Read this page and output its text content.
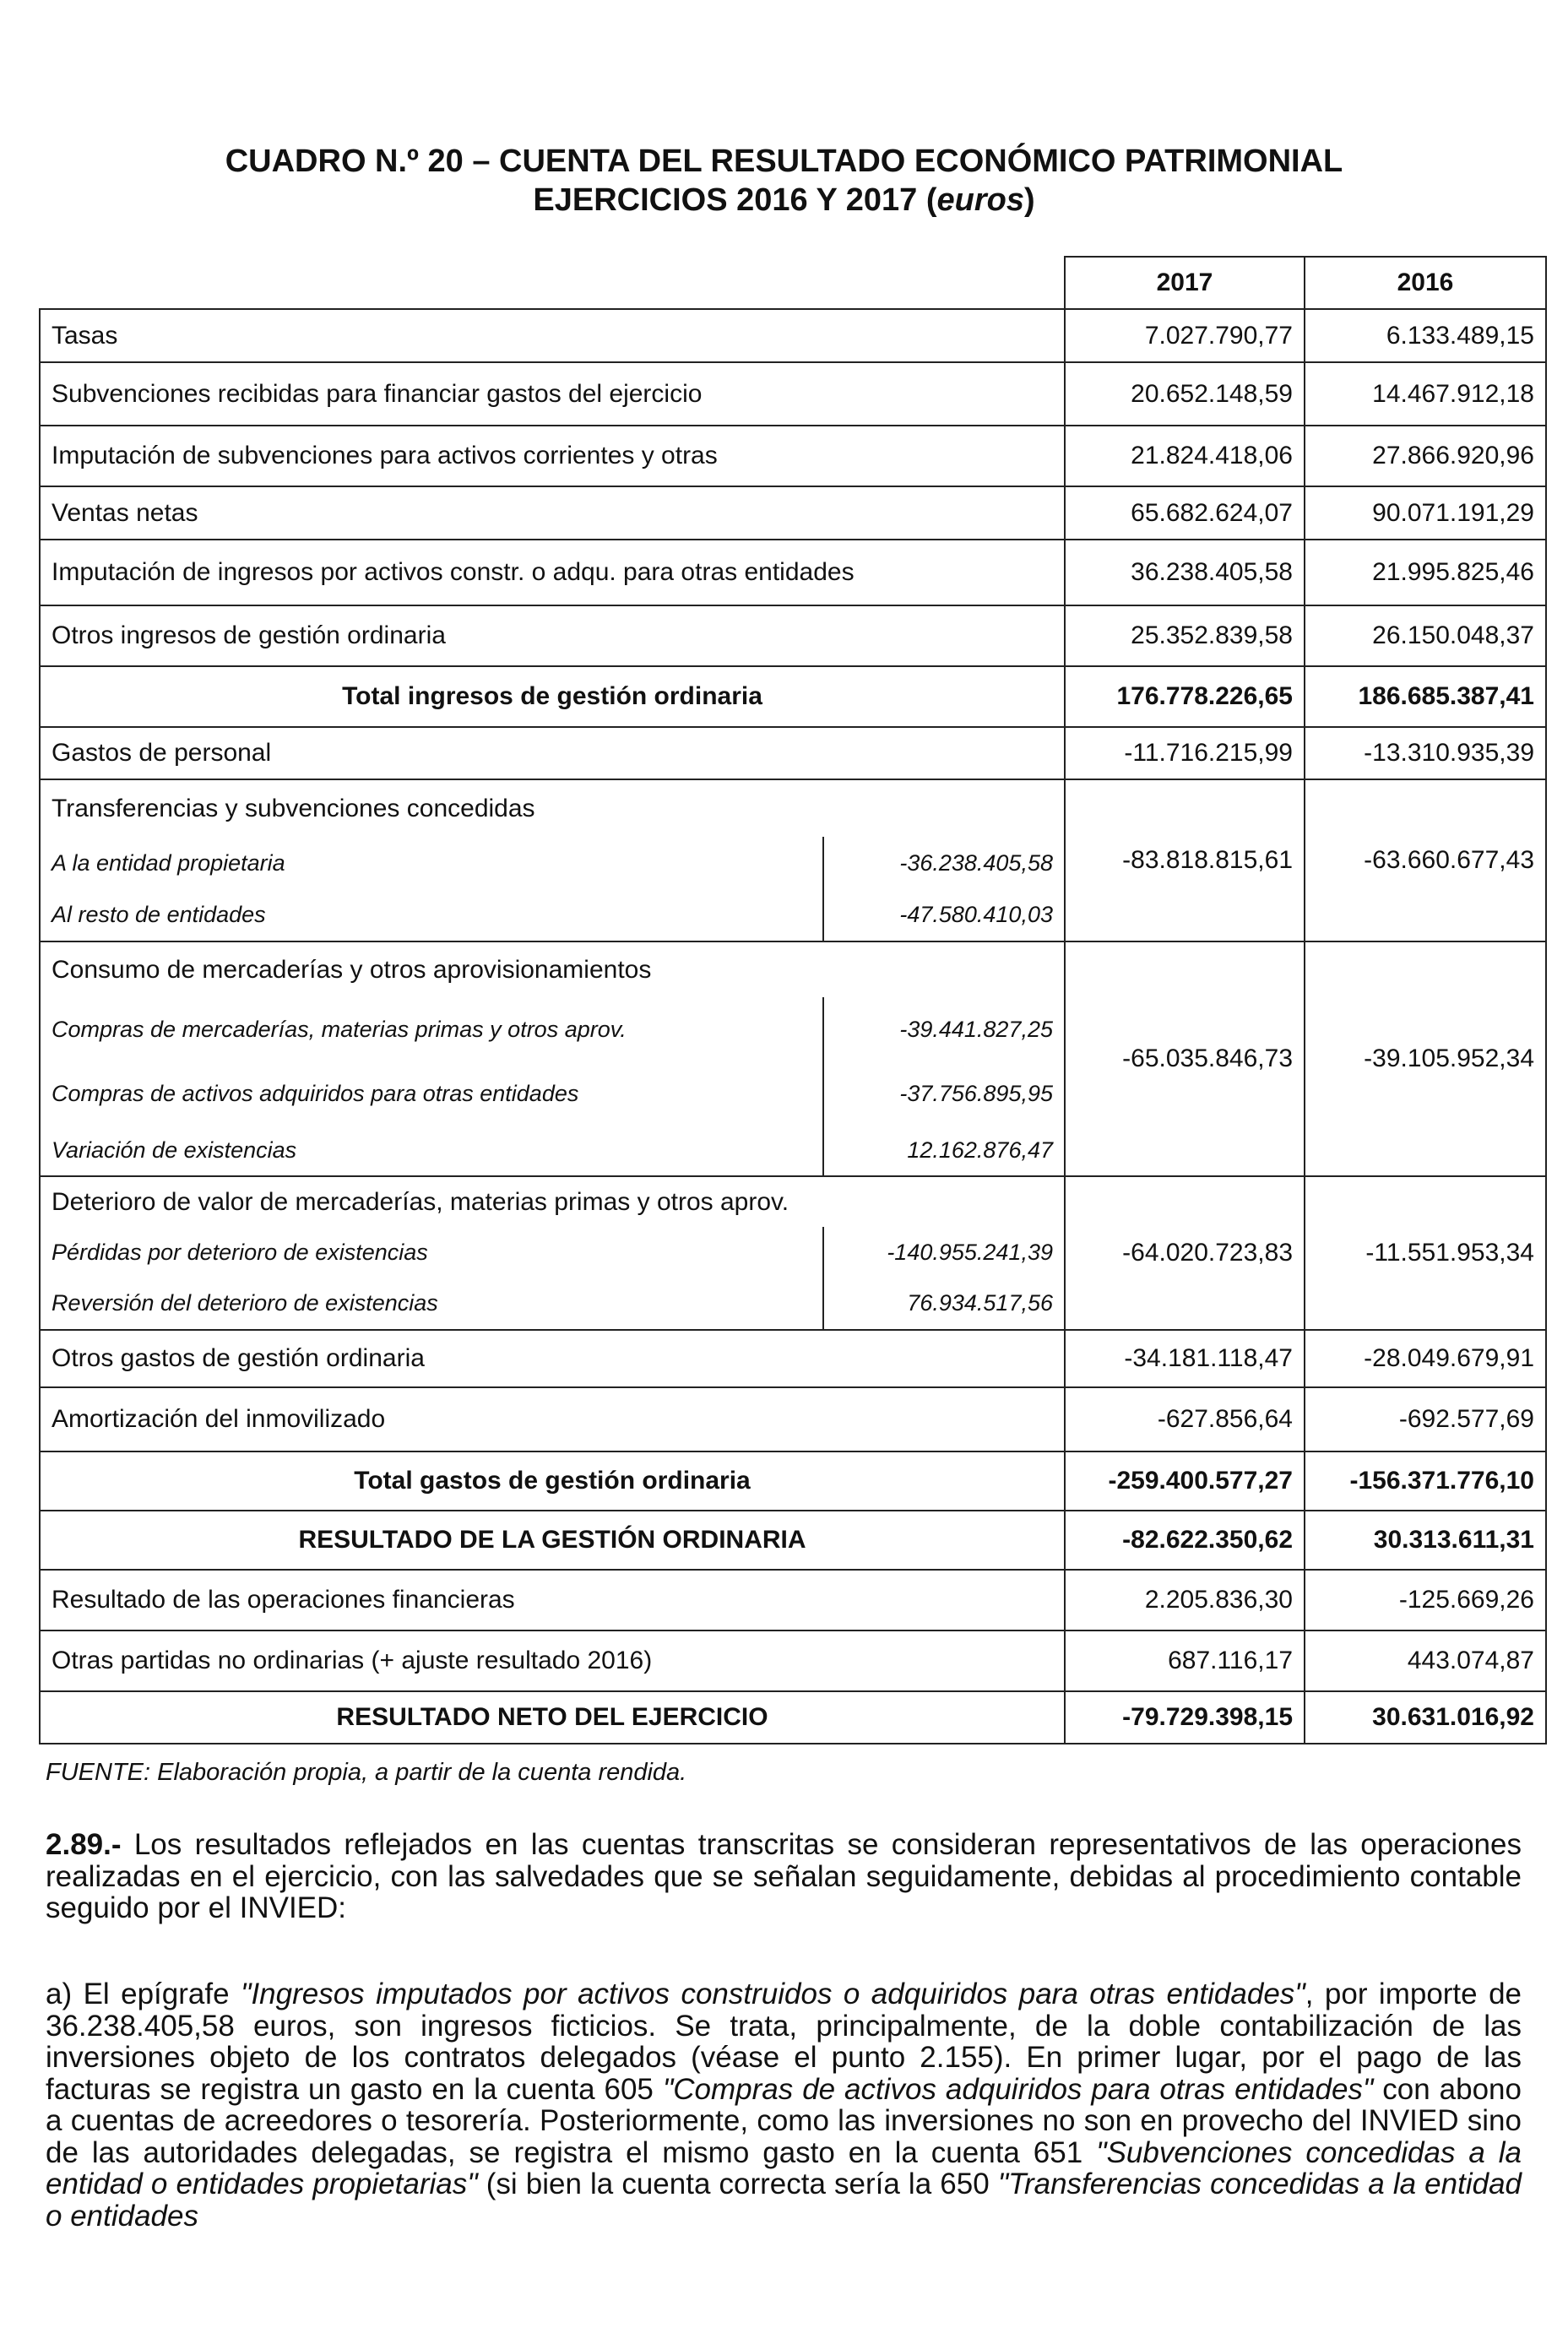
CUADRO N.º 20 – CUENTA DEL RESULTADO ECONÓMICO PATRIMONIAL
EJERCICIOS 2016 Y 2017 (euros)
		2017	2016
Tasas		7.027.790,77	6.133.489,15
Subvenciones recibidas para financiar gastos del ejercicio		20.652.148,59	14.467.912,18
Imputación de subvenciones para activos corrientes y otras		21.824.418,06	27.866.920,96
Ventas netas		65.682.624,07	90.071.191,29
Imputación de ingresos por activos constr. o adqu. para otras entidades		36.238.405,58	21.995.825,46
Otros ingresos de gestión ordinaria		25.352.839,58	26.150.048,37
Total ingresos de gestión ordinaria		176.778.226,65	186.685.387,41
Gastos de personal		-11.716.215,99	-13.310.935,39
Transferencias y subvenciones concedidas		-83.818.815,61	-63.660.677,43
A la entidad propietaria	-36.238.405,58		
Al resto de entidades	-47.580.410,03		
Consumo de mercaderías y otros aprovisionamientos		-65.035.846,73	-39.105.952,34
Compras de mercaderías, materias primas y otros aprov.	-39.441.827,25		
Compras de activos adquiridos para otras entidades	-37.756.895,95		
Variación de existencias	12.162.876,47		
Deterioro de valor de mercaderías, materias primas y otros aprov.		-64.020.723,83	-11.551.953,34
Pérdidas por deterioro de existencias	-140.955.241,39		
Reversión del deterioro de existencias	76.934.517,56		
Otros gastos de gestión ordinaria		-34.181.118,47	-28.049.679,91
Amortización del inmovilizado		-627.856,64	-692.577,69
Total gastos de gestión ordinaria		-259.400.577,27	-156.371.776,10
RESULTADO DE LA GESTIÓN ORDINARIA		-82.622.350,62	30.313.611,31
Resultado de las operaciones financieras		2.205.836,30	-125.669,26
Otras partidas no ordinarias (+ ajuste resultado 2016)		687.116,17	443.074,87
RESULTADO NETO DEL EJERCICIO		-79.729.398,15	30.631.016,92
FUENTE: Elaboración propia, a partir de la cuenta rendida.
2.89.- Los resultados reflejados en las cuentas transcritas se consideran representativos de las operaciones realizadas en el ejercicio, con las salvedades que se señalan seguidamente, debidas al procedimiento contable seguido por el INVIED:
a) El epígrafe "Ingresos imputados por activos construidos o adquiridos para otras entidades", por importe de 36.238.405,58 euros, son ingresos ficticios. Se trata, principalmente, de la doble contabilización de las inversiones objeto de los contratos delegados (véase el punto 2.155). En primer lugar, por el pago de las facturas se registra un gasto en la cuenta 605 "Compras de activos adquiridos para otras entidades" con abono a cuentas de acreedores o tesorería. Posteriormente, como las inversiones no son en provecho del INVIED sino de las autoridades delegadas, se registra el mismo gasto en la cuenta 651 "Subvenciones concedidas a la entidad o entidades propietarias" (si bien la cuenta correcta sería la 650 "Transferencias concedidas a la entidad o entidades
